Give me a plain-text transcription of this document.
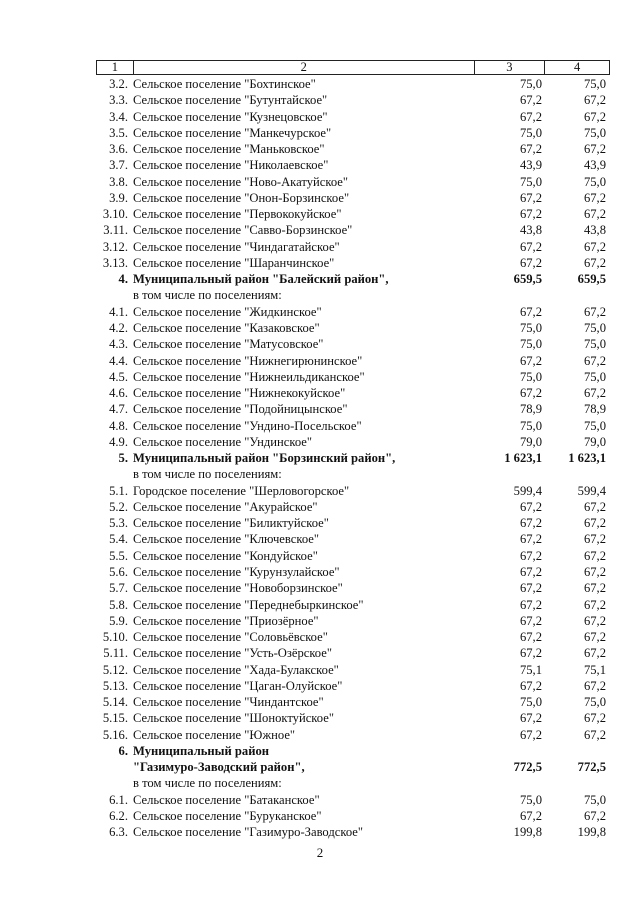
1	2	3	4
3.2. Сельское поселение "Бохтинское"	75,0	75,0
3.3. Сельское поселение "Бутунтайское"	67,2	67,2
3.4. Сельское поселение "Кузнецовское"	67,2	67,2
3.5. Сельское поселение "Манкечурское"	75,0	75,0
3.6. Сельское поселение "Маньковское"	67,2	67,2
3.7. Сельское поселение "Николаевское"	43,9	43,9
3.8. Сельское поселение "Ново-Акатуйское"	75,0	75,0
3.9. Сельское поселение "Онон-Борзинское"	67,2	67,2
3.10. Сельское поселение "Первококуйское"	67,2	67,2
3.11. Сельское поселение "Савво-Борзинское"	43,8	43,8
3.12. Сельское поселение "Чиндагатайское"	67,2	67,2
3.13. Сельское поселение "Шаранчинское"	67,2	67,2
4. Муниципальный район "Балейский район",	659,5	659,5
в том числе по поселениям:
4.1. Сельское поселение "Жидкинское"	67,2	67,2
4.2. Сельское поселение "Казаковское"	75,0	75,0
4.3. Сельское поселение "Матусовское"	75,0	75,0
4.4. Сельское поселение "Нижнегирюнинское"	67,2	67,2
4.5. Сельское поселение "Нижнеильдиканское"	75,0	75,0
4.6. Сельское поселение "Нижнекокуйское"	67,2	67,2
4.7. Сельское поселение "Подойницынское"	78,9	78,9
4.8. Сельское поселение "Ундино-Посельское"	75,0	75,0
4.9. Сельское поселение "Ундинское"	79,0	79,0
5. Муниципальный район "Борзинский район",	1 623,1	1 623,1
в том числе по поселениям:
5.1. Городское поселение "Шерловогорское"	599,4	599,4
5.2. Сельское поселение "Акурайское"	67,2	67,2
5.3. Сельское поселение "Биликтуйское"	67,2	67,2
5.4. Сельское поселение "Ключевское"	67,2	67,2
5.5. Сельское поселение "Кондуйское"	67,2	67,2
5.6. Сельское поселение "Курунзулайское"	67,2	67,2
5.7. Сельское поселение "Новоборзинское"	67,2	67,2
5.8. Сельское поселение "Переднебыркинское"	67,2	67,2
5.9. Сельское поселение "Приозёрное"	67,2	67,2
5.10. Сельское поселение "Соловьёвское"	67,2	67,2
5.11. Сельское поселение "Усть-Озёрское"	67,2	67,2
5.12. Сельское поселение "Хада-Булакское"	75,1	75,1
5.13. Сельское поселение "Цаган-Олуйское"	67,2	67,2
5.14. Сельское поселение "Чиндантское"	75,0	75,0
5.15. Сельское поселение "Шоноктуйское"	67,2	67,2
5.16. Сельское поселение "Южное"	67,2	67,2
6. Муниципальный район
"Газимуро-Заводский район",	772,5	772,5
в том числе по поселениям:
6.1. Сельское поселение "Батаканское"	75,0	75,0
6.2. Сельское поселение "Буруканское"	67,2	67,2
6.3. Сельское поселение "Газимуро-Заводское"	199,8	199,8
2
